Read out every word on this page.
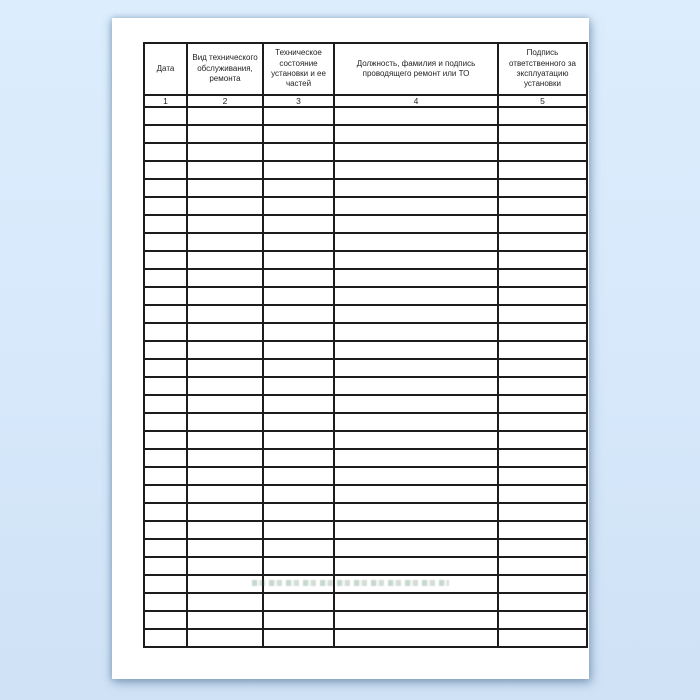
Дата	Вид технического обслуживания, ремонта	Техническое состояние установки и ее частей	Должность, фамилия и подпись проводящего ремонт или ТО	Подпись ответственного за эксплуатацию установки
1	2	3	4	5
